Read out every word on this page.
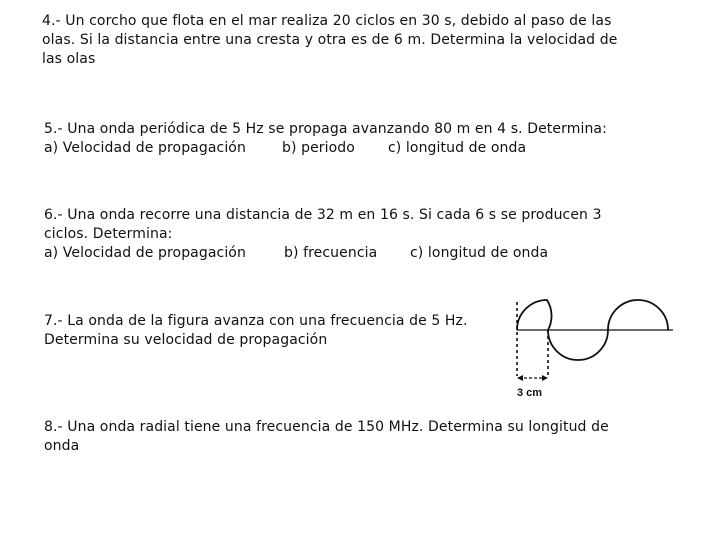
4.- Un corcho que flota en el mar realiza 20 ciclos en 30 s, debido al paso de las
olas. Si la distancia entre una cresta y otra es de 6 m. Determina la velocidad de
las olas
5.- Una onda periódica de 5 Hz se propaga avanzando 80 m en 4 s. Determina:
a) Velocidad de propagación	b) periodo c) longitud de onda
6.- Una onda recorre una distancia de 32 m en 16 s. Si cada 6 s se producen 3
ciclos. Determina:
a) Velocidad de propagación	b) frecuencia c) longitud de onda
7.- La onda de la figura avanza con una frecuencia de 5 Hz.
Determina su velocidad de propagación
3 cm
8.- Una onda radial tiene una frecuencia de 150 MHz. Determina su longitud de
onda
